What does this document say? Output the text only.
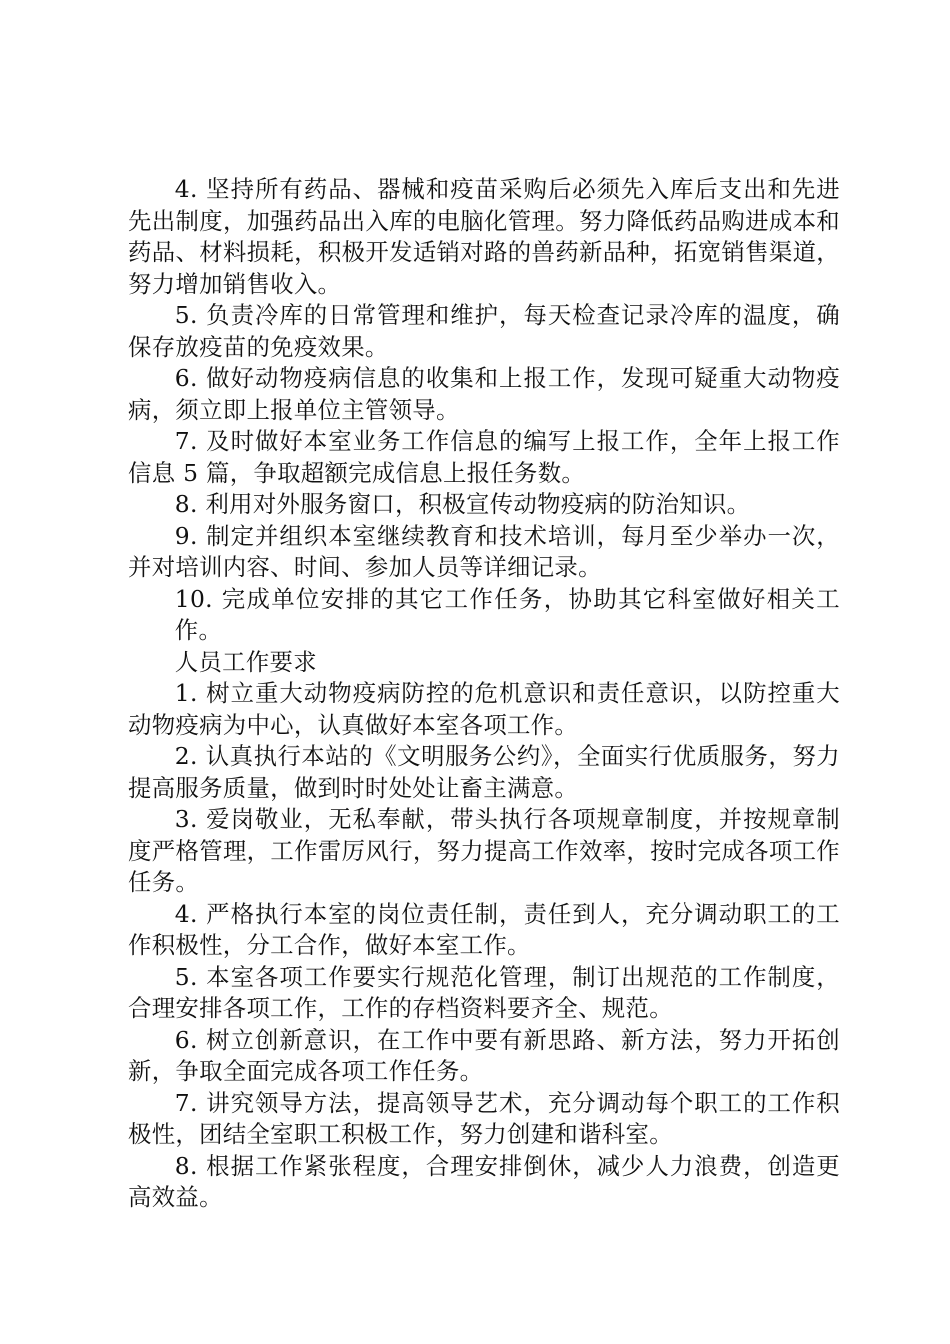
4. 坚持所有药品、器械和疫苗采购后必须先入库后支出和先进先出制度，加强药品出入库的电脑化管理。努力降低药品购进成本和药品、材料损耗，积极开发适销对路的兽药新品种，拓宽销售渠道，努力增加销售收入。

5. 负责冷库的日常管理和维护，每天检查记录冷库的温度，确保存放疫苗的免疫效果。

6. 做好动物疫病信息的收集和上报工作，发现可疑重大动物疫病，须立即上报单位主管领导。

7. 及时做好本室业务工作信息的编写上报工作，全年上报工作信息 5 篇，争取超额完成信息上报任务数。

8. 利用对外服务窗口，积极宣传动物疫病的防治知识。

9. 制定并组织本室继续教育和技术培训，每月至少举办一次，并对培训内容、时间、参加人员等详细记录。

10. 完成单位安排的其它工作任务，协助其它科室做好相关工作。

人员工作要求

1. 树立重大动物疫病防控的危机意识和责任意识，以防控重大动物疫病为中心，认真做好本室各项工作。

2. 认真执行本站的《文明服务公约》，全面实行优质服务，努力提高服务质量，做到时时处处让畜主满意。

3. 爱岗敬业，无私奉献，带头执行各项规章制度，并按规章制度严格管理，工作雷厉风行，努力提高工作效率，按时完成各项工作任务。

4. 严格执行本室的岗位责任制，责任到人，充分调动职工的工作积极性，分工合作，做好本室工作。

5. 本室各项工作要实行规范化管理，制订出规范的工作制度，合理安排各项工作，工作的存档资料要齐全、规范。

6. 树立创新意识，在工作中要有新思路、新方法，努力开拓创新，争取全面完成各项工作任务。

7. 讲究领导方法，提高领导艺术，充分调动每个职工的工作积极性，团结全室职工积极工作，努力创建和谐科室。

8. 根据工作紧张程度，合理安排倒休，减少人力浪费，创造更高效益。
